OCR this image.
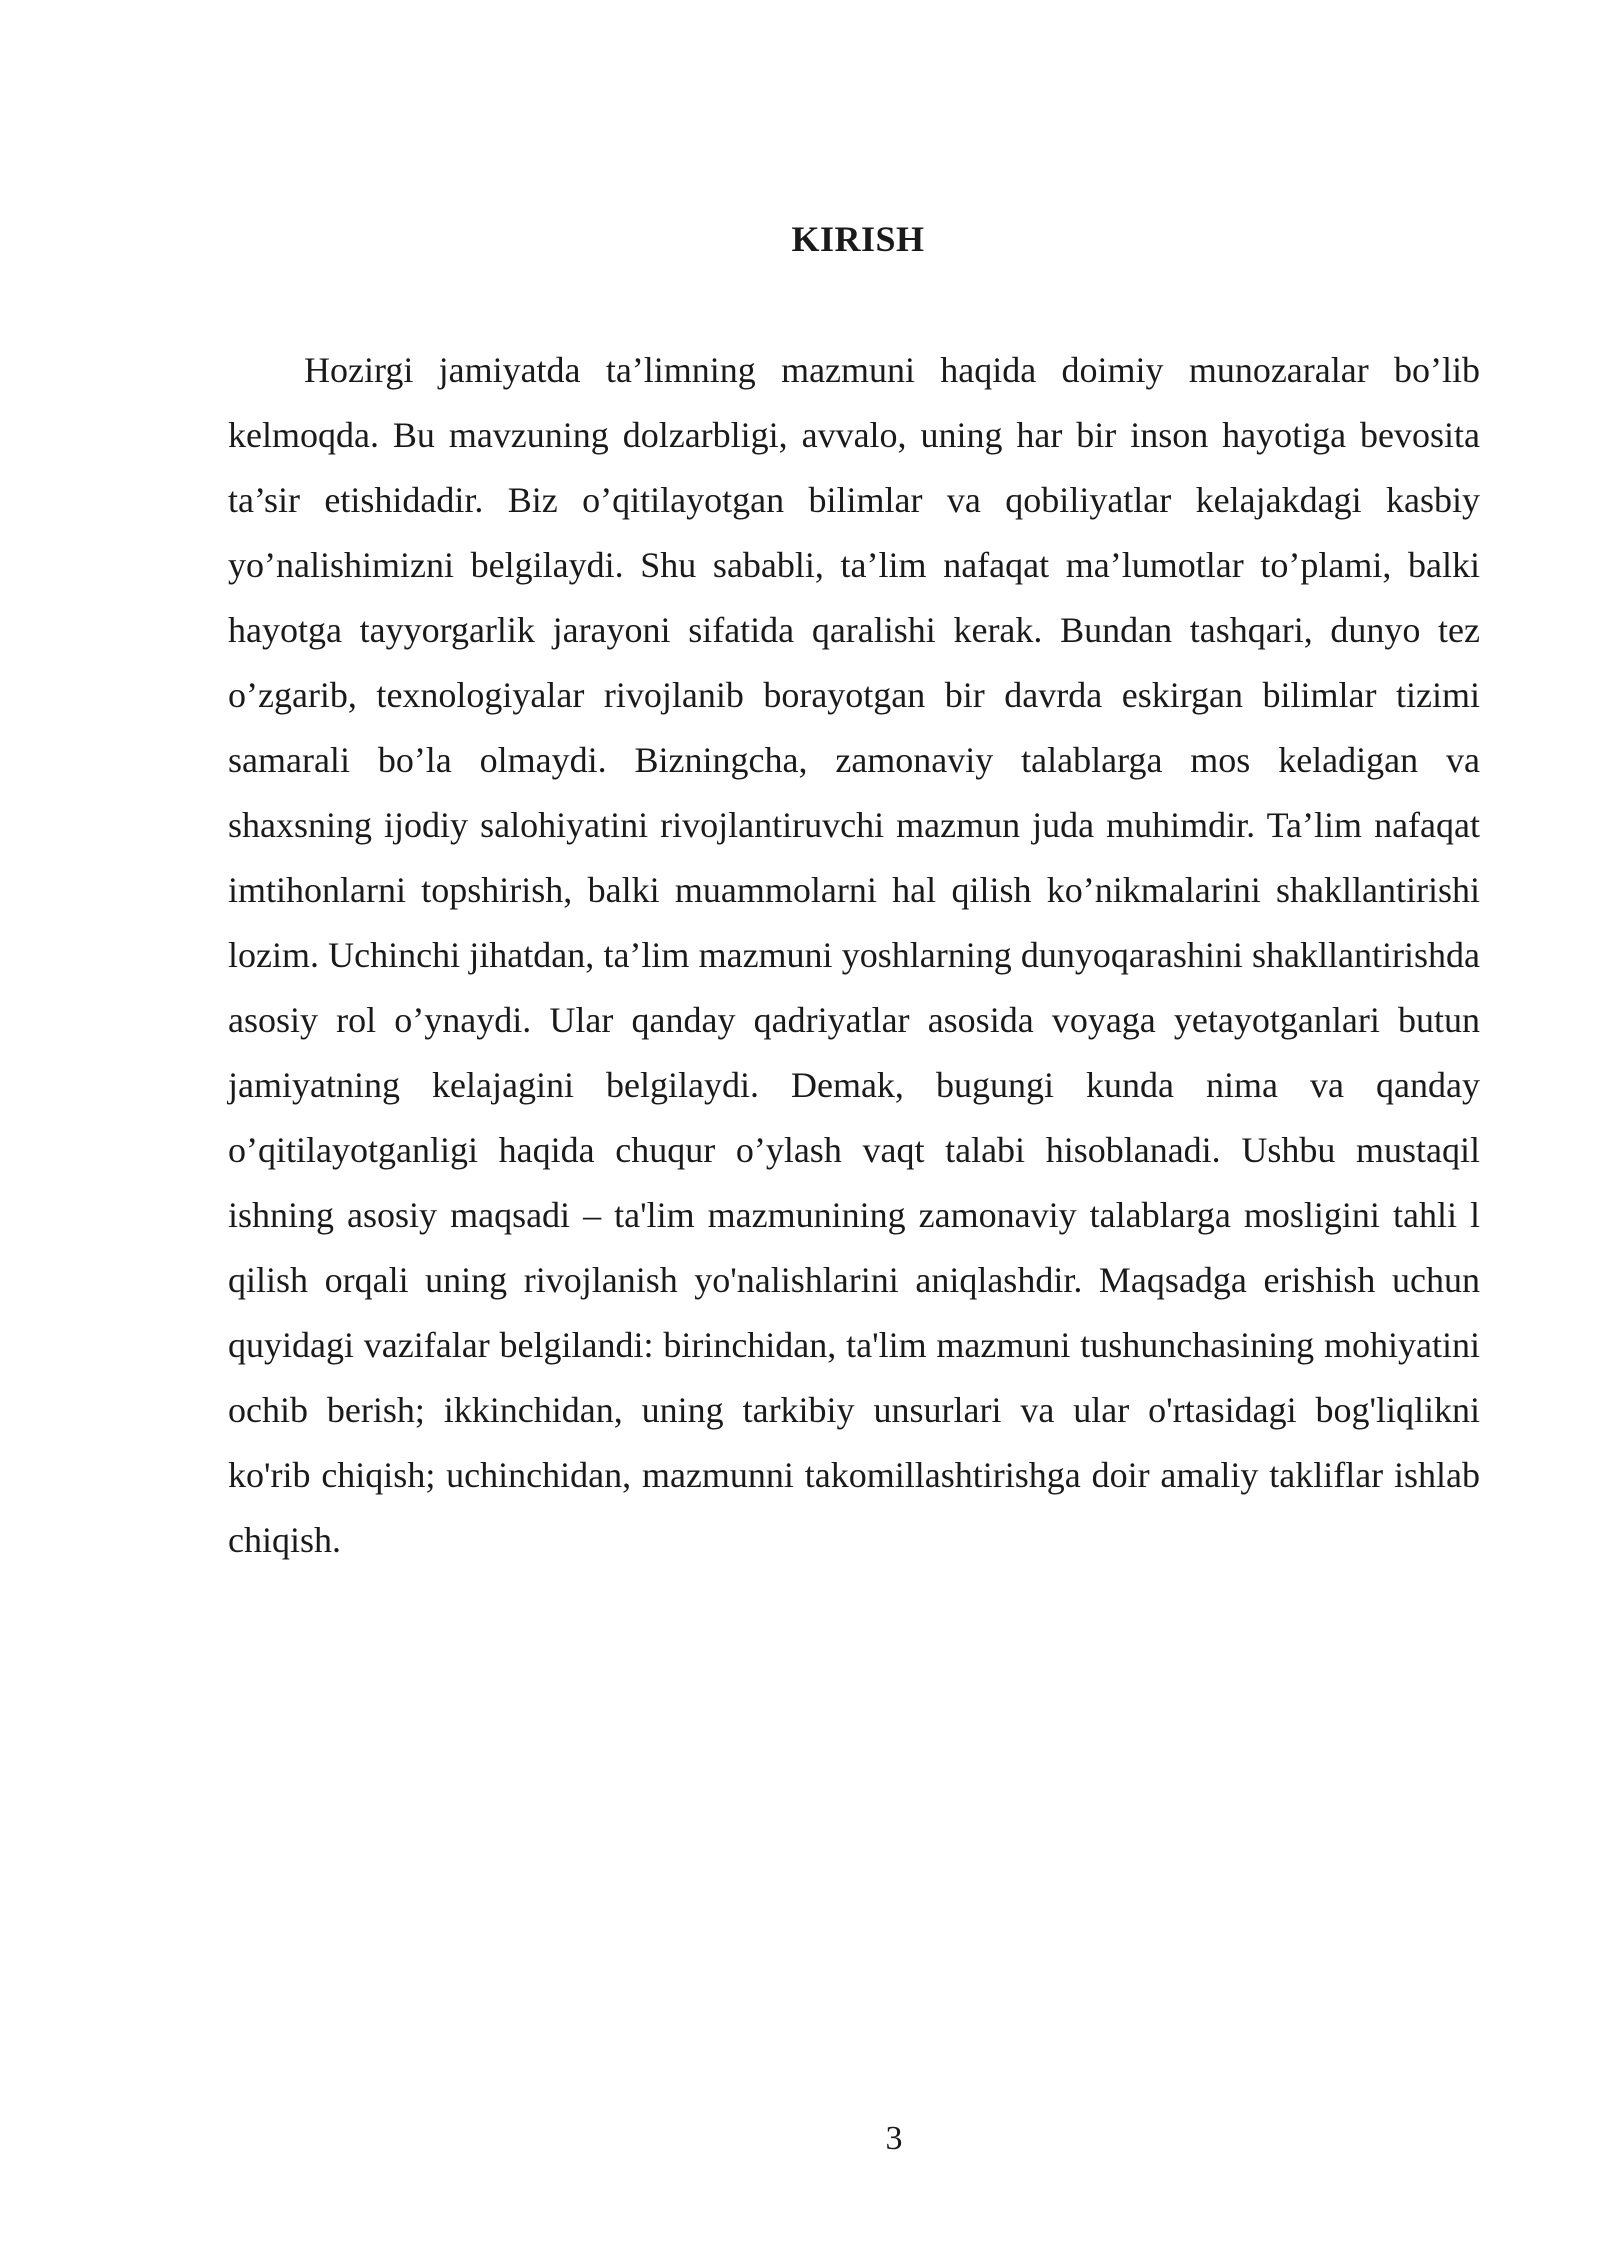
KIRISH

Hozirgi jamiyatda ta’limning mazmuni haqida doimiy munozaralar bo’lib kelmoqda. Bu mavzuning dolzarbligi, avvalo, uning har bir inson hayotiga bevosita ta’sir etishidadir. Biz o’qitilayotgan bilimlar va qobiliyatlar kelajakdagi kasbiy yo’nalishimizni belgilaydi. Shu sababli, ta’lim nafaqat ma’lumotlar to’plami, balki hayotga tayyorgarlik jarayoni sifatida qaralishi kerak. Bundan tashqari, dunyo tez o’zgarib, texnologiyalar rivojlanib borayotgan bir davrda eskirgan bilimlar tizimi samarali bo’la olmaydi. Bizningcha, zamonaviy talablarga mos keladigan va shaxsning ijodiy salohiyatini rivojlantiruvchi mazmun juda muhimdir. Ta’lim nafaqat imtihonlarni topshirish, balki muammolarni hal qilish ko’nikmalarini shakllantirishi lozim. Uchinchi jihatdan, ta’lim mazmuni yoshlarning dunyoqarashini shakllantirishda asosiy rol o’ynaydi. Ular qanday qadriyatlar asosida voyaga yetayotganlari butun jamiyatning kelajagini belgilaydi. Demak, bugungi kunda nima va qanday o’qitilayotganligi haqida chuqur o’ylash vaqt talabi hisoblanadi. Ushbu mustaqil ishning asosiy maqsadi – ta'lim mazmunining zamonaviy talablarga mosligini tahli l qilish orqali uning rivojlanish yo'nalishlarini aniqlashdir. Maqsadga erishish uchun quyidagi vazifalar belgilandi: birinchidan, ta'lim mazmuni tushunchasining mohiyatini ochib berish; ikkinchidan, uning tarkibiy unsurlari va ular o'rtasidagi bog'liqlikni ko'rib chiqish; uchinchidan, mazmunni takomillashtirishga doir amaliy takliflar ishlab chiqish.

3
